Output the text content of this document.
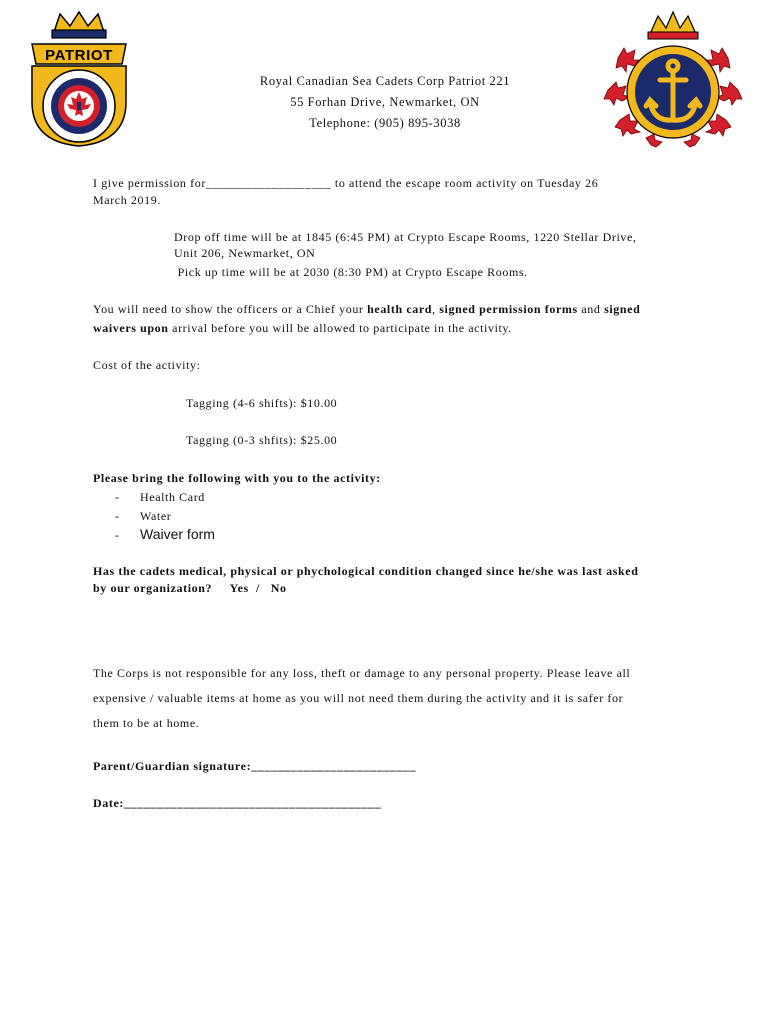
PATRIOT
Royal Canadian Sea Cadets Corp Patriot 221
55 Forhan Drive, Newmarket, ON
Telephone: (905) 895-3038
I give permission for___________________ to attend the escape room activity on Tuesday 26
March 2019.
Drop off time will be at 1845 (6:45 PM) at Crypto Escape Rooms, 1220 Stellar Drive,
Unit 206, Newmarket, ON
Pick up time will be at 2030 (8:30 PM) at Crypto Escape Rooms.
You will need to show the officers or a Chief your health card, signed permission forms and signed
waivers upon arrival before you will be allowed to participate in the activity.
Cost of the activity:
Tagging (4-6 shifts): $10.00
Tagging (0-3 shfits): $25.00
Please bring the following with you to the activity:
- Health Card
- Water
- Waiver form
Has the cadets medical, physical or phychological condition changed since he/she was last asked
by our organization?     Yes  /   No
The Corps is not responsible for any loss, theft or damage to any personal property. Please leave all
expensive / valuable items at home as you will not need them during the activity and it is safer for
them to be at home.
Parent/Guardian signature:_________________________
Date:_______________________________________
